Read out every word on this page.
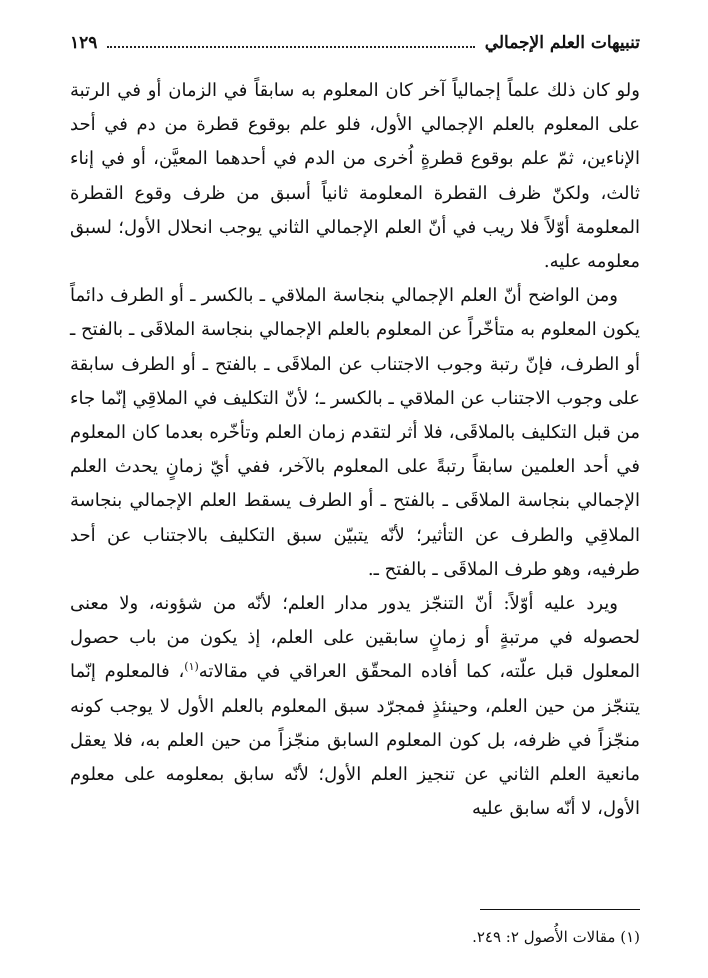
تنبيهات العلم الإجمالي
١٢٩

ولو كان ذلك علماً إجمالياً آخر كان المعلوم به سابقاً في الزمان أو في الرتبة على المعلوم بالعلم الإجمالي الأول، فلو علم بوقوع قطرة من دم في أحد الإناءين، ثمّ علم بوقوع قطرةٍ اُخرى من الدم في أحدهما المعيَّن، أو في إناء ثالث، ولكنّ ظرف القطرة المعلومة ثانياً أسبق من ظرف وقوع القطرة المعلومة أوّلاً فلا ريب في أنّ العلم الإجمالي الثاني يوجب انحلال الأول؛ لسبق معلومه عليه.

ومن الواضح أنّ العلم الإجمالي بنجاسة الملاقي ـ بالكسر ـ أو الطرف دائماً يكون المعلوم به متأخّراً عن المعلوم بالعلم الإجمالي بنجاسة الملاقَى ـ بالفتح ـ أو الطرف، فإنّ رتبة وجوب الاجتناب عن الملاقَى ـ بالفتح ـ أو الطرف سابقة على وجوب الاجتناب عن الملاقي ـ بالكسر ـ؛ لأنّ التكليف في الملاقِي إنّما جاء من قبل التكليف بالملاقَى، فلا أثر لتقدم زمان العلم وتأخّره بعدما كان المعلوم في أحد العلمين سابقاً رتبةً على المعلوم بالآخر، ففي أيّ زمانٍ يحدث العلم الإجمالي بنجاسة الملاقَى ـ بالفتح ـ أو الطرف يسقط العلم الإجمالي بنجاسة الملاقِي والطرف عن التأثير؛ لأنّه يتبيّن سبق التكليف بالاجتناب عن أحد طرفيه، وهو طرف الملاقَى ـ بالفتح ـ.

ويرد عليه أوّلاً: أنّ التنجّز يدور مدار العلم؛ لأنّه من شؤونه، ولا معنى لحصوله في مرتبةٍ أو زمانٍ سابقين على العلم، إذ يكون من باب حصول المعلول قبل علّته، كما أفاده المحقّق العراقي في مقالاته$^{(١)}$، فالمعلوم إنّما يتنجّز من حين العلم، وحينئذٍ فمجرّد سبق المعلوم بالعلم الأول لا يوجب كونه منجّزاً في ظرفه، بل كون المعلوم السابق منجّزاً من حين العلم به، فلا يعقل مانعية العلم الثاني عن تنجيز العلم الأول؛ لأنّه سابق بمعلومه على معلوم الأول، لا أنّه سابق عليه

(١) مقالات الأُصول ٢: ٢٤٩.
